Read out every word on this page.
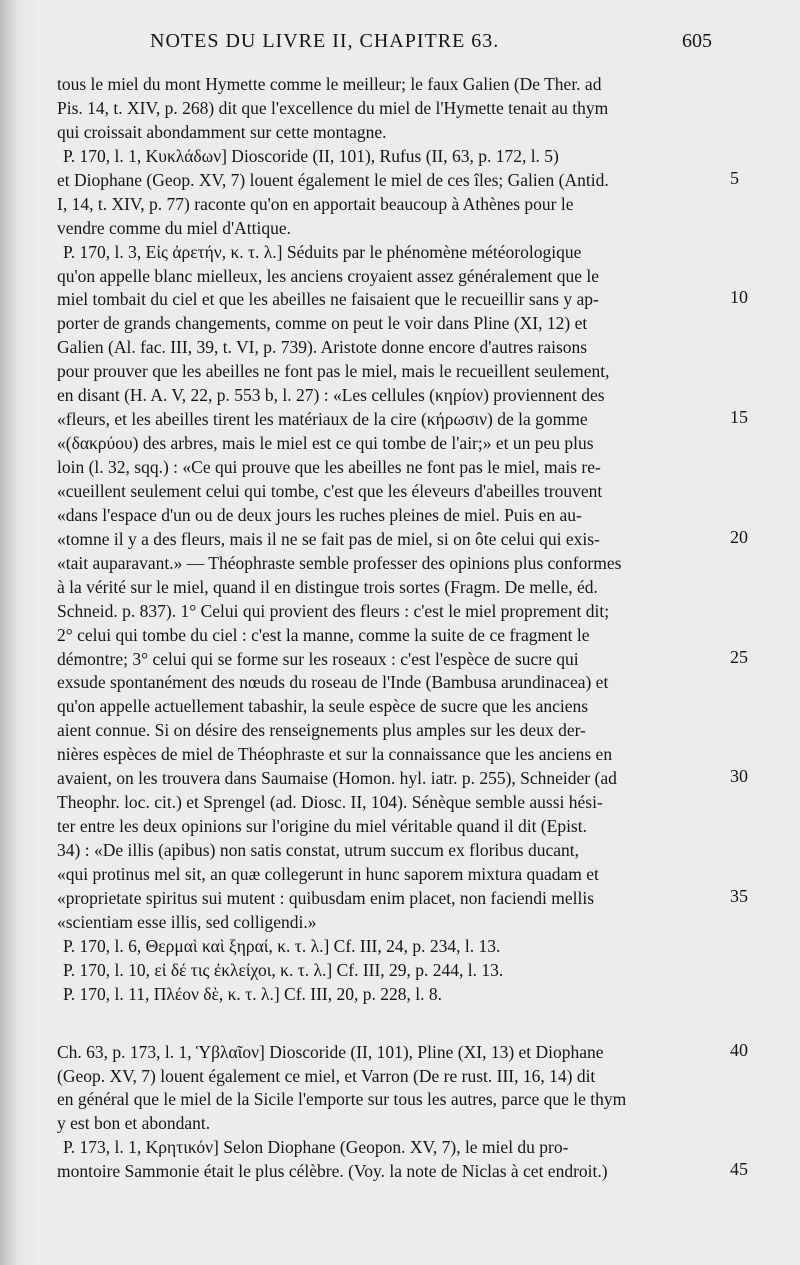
NOTES DU LIVRE II, CHAPITRE 63.	605
tous le miel du mont Hymette comme le meilleur; le faux Galien (De Ther. ad
Pis. 14, t. XIV, p. 268) dit que l'excellence du miel de l'Hymette tenait au thym
qui croissait abondamment sur cette montagne.
P. 170, l. 1, Κυκλάδων] Dioscoride (II, 101), Rufus (II, 63, p. 172, l. 5)
et Diophane (Geop. XV, 7) louent également le miel de ces îles; Galien (Antid.
I, 14, t. XIV, p. 77) raconte qu'on en apportait beaucoup à Athènes pour le
vendre comme du miel d'Attique.
P. 170, l. 3, Εἰς ἀρετήν, κ. τ. λ.] Séduits par le phénomène météorologique
qu'on appelle blanc mielleux, les anciens croyaient assez généralement que le
miel tombait du ciel et que les abeilles ne faisaient que le recueillir sans y ap-
porter de grands changements, comme on peut le voir dans Pline (XI, 12) et
Galien (Al. fac. III, 39, t. VI, p. 739). Aristote donne encore d'autres raisons
pour prouver que les abeilles ne font pas le miel, mais le recueillent seulement,
en disant (H. A. V, 22, p. 553 b, l. 27) : «Les cellules (κηρίον) proviennent des
«fleurs, et les abeilles tirent les matériaux de la cire (κήρωσιν) de la gomme
«(δακρύου) des arbres, mais le miel est ce qui tombe de l'air;» et un peu plus
loin (l. 32, sqq.) : «Ce qui prouve que les abeilles ne font pas le miel, mais re-
«cueillent seulement celui qui tombe, c'est que les éleveurs d'abeilles trouvent
«dans l'espace d'un ou de deux jours les ruches pleines de miel. Puis en au-
«tomne il y a des fleurs, mais il ne se fait pas de miel, si on ôte celui qui exis-
«tait auparavant.» — Théophraste semble professer des opinions plus conformes
à la vérité sur le miel, quand il en distingue trois sortes (Fragm. De melle, éd.
Schneid. p. 837). 1° Celui qui provient des fleurs : c'est le miel proprement dit;
2° celui qui tombe du ciel : c'est la manne, comme la suite de ce fragment le
démontre; 3° celui qui se forme sur les roseaux : c'est l'espèce de sucre qui
exsude spontanément des nœuds du roseau de l'Inde (Bambusa arundinacea) et
qu'on appelle actuellement tabashir, la seule espèce de sucre que les anciens
aient connue. Si on désire des renseignements plus amples sur les deux der-
nières espèces de miel de Théophraste et sur la connaissance que les anciens en
avaient, on les trouvera dans Saumaise (Homon. hyl. iatr. p. 255), Schneider (ad
Theophr. loc. cit.) et Sprengel (ad. Diosc. II, 104). Sénèque semble aussi hési-
ter entre les deux opinions sur l'origine du miel véritable quand il dit (Epist.
34) : «De illis (apibus) non satis constat, utrum succum ex floribus ducant,
«qui protinus mel sit, an quæ collegerunt in hunc saporem mixtura quadam et
«proprietate spiritus sui mutent : quibusdam enim placet, non faciendi mellis
«scientiam esse illis, sed colligendi.»
P. 170, l. 6, Θερμαὶ καὶ ξηραί, κ. τ. λ.] Cf. III, 24, p. 234, l. 13.
P. 170, l. 10, εἰ δέ τις ἐκλείχοι, κ. τ. λ.] Cf. III, 29, p. 244, l. 13.
P. 170, l. 11, Πλέον δὲ, κ. τ. λ.] Cf. III, 20, p. 228, l. 8.
Ch. 63, p. 173, l. 1, Ὑβλαῖον] Dioscoride (II, 101), Pline (XI, 13) et Diophane
(Geop. XV, 7) louent également ce miel, et Varron (De re rust. III, 16, 14) dit
en général que le miel de la Sicile l'emporte sur tous les autres, parce que le thym
y est bon et abondant.
P. 173, l. 1, Κρητικόν] Selon Diophane (Geopon. XV, 7), le miel du pro-
montoire Sammonie était le plus célèbre. (Voy. la note de Niclas à cet endroit.)
5
10
15
20
25
30
35
40
45
